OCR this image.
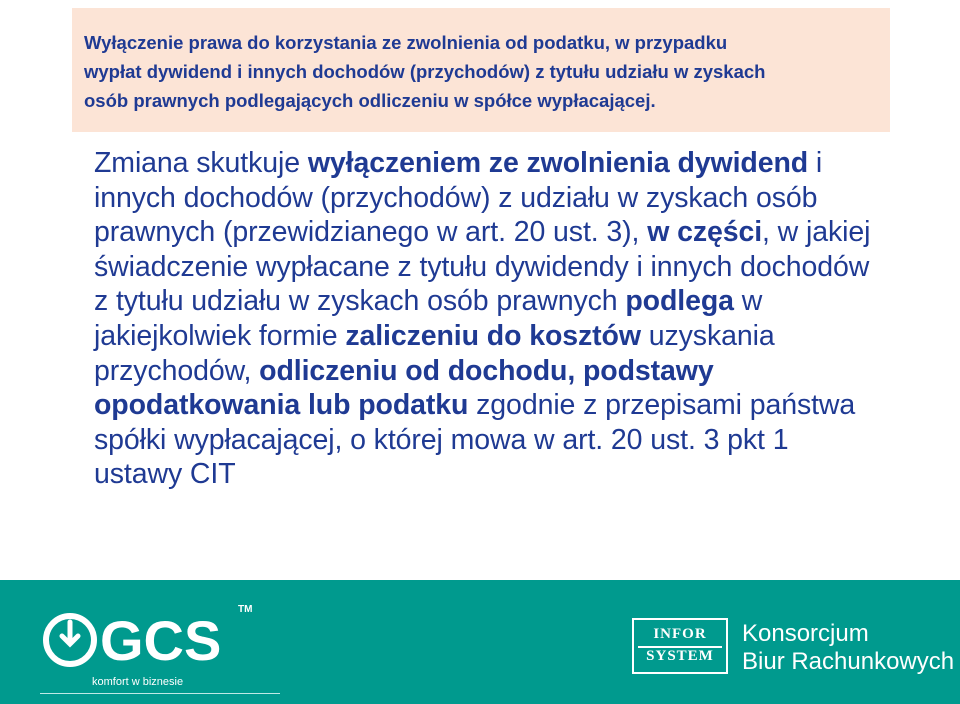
Wyłączenie prawa do korzystania ze zwolnienia od podatku, w przypadku
wypłat dywidend i innych dochodów (przychodów) z tytułu udziału w zyskach
osób prawnych podlegających odliczeniu w spółce wypłacającej.

Zmiana skutkuje wyłączeniem ze zwolnienia dywidend i innych dochodów (przychodów) z udziału w zyskach osób prawnych (przewidzianego w art. 20 ust. 3), w części, w jakiej świadczenie wypłacane z tytułu dywidendy i innych dochodów z tytułu udziału w zyskach osób prawnych podlega w jakiejkolwiek formie zaliczeniu do kosztów uzyskania przychodów, odliczeniu od dochodu, podstawy opodatkowania lub podatku zgodnie z przepisami państwa spółki wypłacającej, o której mowa w art. 20 ust. 3 pkt 1 ustawy CIT

GCS TM
komfort w biznesie
INFOR
SYSTEM
Konsorcjum
Biur Rachunkowych
